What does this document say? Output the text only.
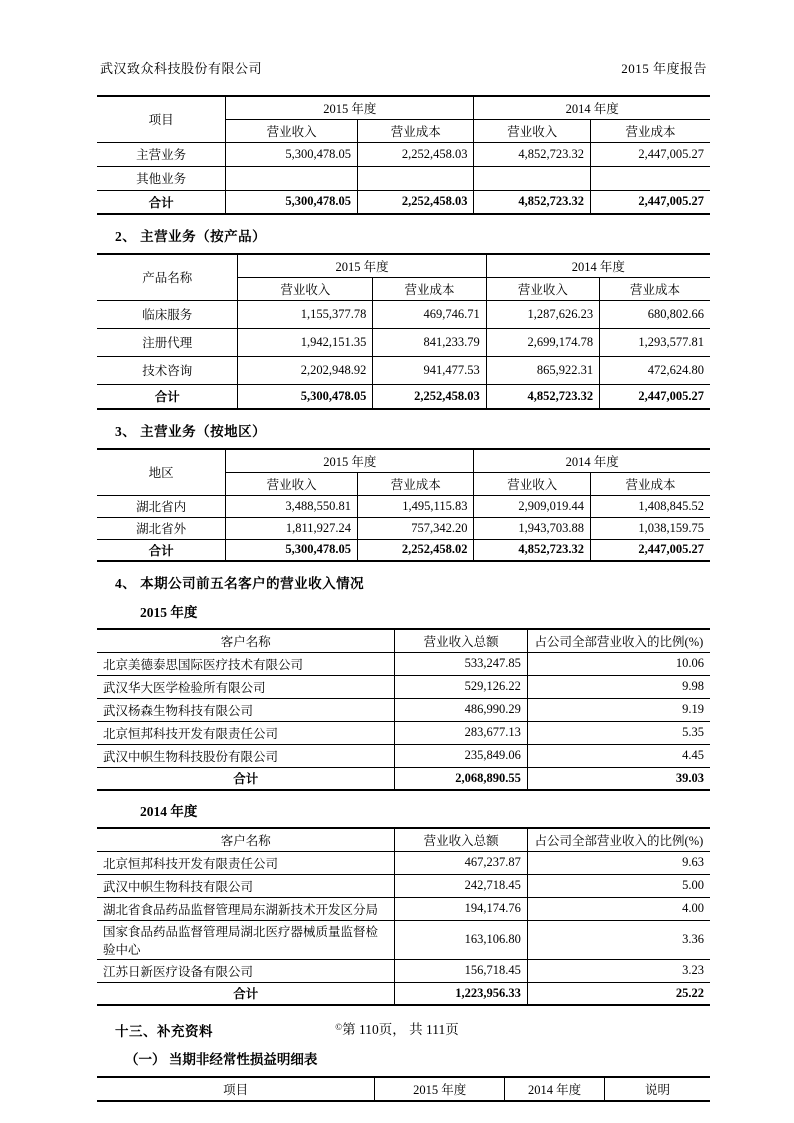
武汉致众科技股份有限公司	2015 年度报告
项目	2015 年度		2014 年度	
	营业收入	营业成本	营业收入	营业成本
主营业务	5,300,478.05	2,252,458.03	4,852,723.32	2,447,005.27
其他业务				
合计	5,300,478.05	2,252,458.03	4,852,723.32	2,447,005.27
2、 主营业务（按产品）
产品名称	2015 年度		2014 年度	
	营业收入	营业成本	营业收入	营业成本
临床服务	1,155,377.78	469,746.71	1,287,626.23	680,802.66
注册代理	1,942,151.35	841,233.79	2,699,174.78	1,293,577.81
技术咨询	2,202,948.92	941,477.53	865,922.31	472,624.80
合计	5,300,478.05	2,252,458.03	4,852,723.32	2,447,005.27
3、 主营业务（按地区）
地区	2015 年度		2014 年度	
	营业收入	营业成本	营业收入	营业成本
湖北省内	3,488,550.81	1,495,115.83	2,909,019.44	1,408,845.52
湖北省外	1,811,927.24	757,342.20	1,943,703.88	1,038,159.75
合计	5,300,478.05	2,252,458.02	4,852,723.32	2,447,005.27
4、 本期公司前五名客户的营业收入情况
2015 年度
客户名称	营业收入总额	占公司全部营业收入的比例(%)
北京美德泰思国际医疗技术有限公司	533,247.85	10.06
武汉华大医学检验所有限公司	529,126.22	9.98
武汉杨森生物科技有限公司	486,990.29	9.19
北京恒邦科技开发有限责任公司	283,677.13	5.35
武汉中帜生物科技股份有限公司	235,849.06	4.45
合计	2,068,890.55	39.03
2014 年度
客户名称	营业收入总额	占公司全部营业收入的比例(%)
北京恒邦科技开发有限责任公司	467,237.87	9.63
武汉中帜生物科技有限公司	242,718.45	5.00
湖北省食品药品监督管理局东湖新技术开发区分局	194,174.76	4.00
国家食品药品监督管理局湖北医疗器械质量监督检验中心	163,106.80	3.36
江苏日新医疗设备有限公司	156,718.45	3.23
合计	1,223,956.33	25.22
十三、补充资料
（一） 当期非经常性损益明细表
项目	2015 年度	2014 年度	说明
©第 110页， 共 111页
